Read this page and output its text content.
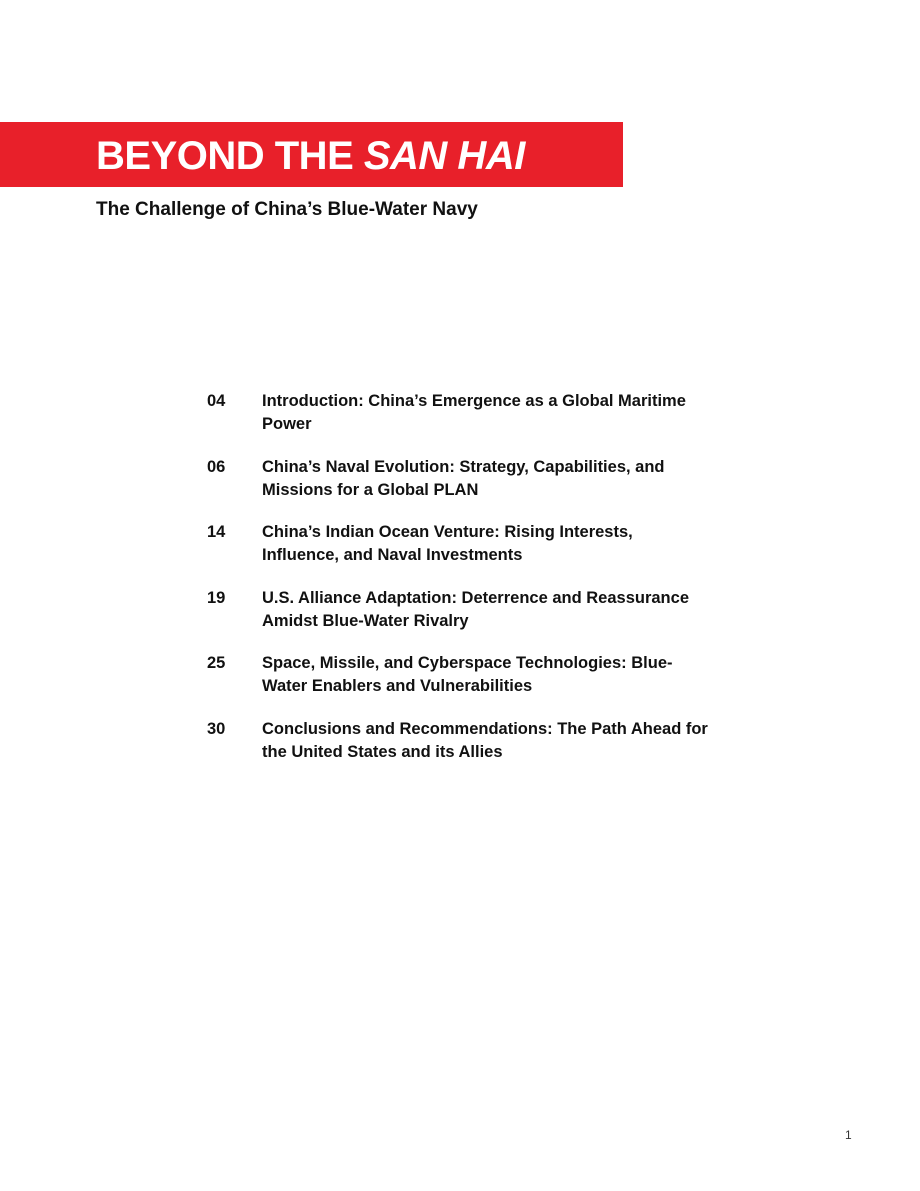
BEYOND THE SAN HAI
The Challenge of China’s Blue-Water Navy
04	Introduction: China’s Emergence as a Global Maritime Power
06	China’s Naval Evolution: Strategy, Capabilities, and Missions for a Global PLAN
14	China’s Indian Ocean Venture: Rising Interests, Influence, and Naval Investments
19	U.S. Alliance Adaptation: Deterrence and Reassurance Amidst Blue-Water Rivalry
25	Space, Missile, and Cyberspace Technologies: Blue-Water Enablers and Vulnerabilities
30	Conclusions and Recommendations: The Path Ahead for the United States and its Allies
1
